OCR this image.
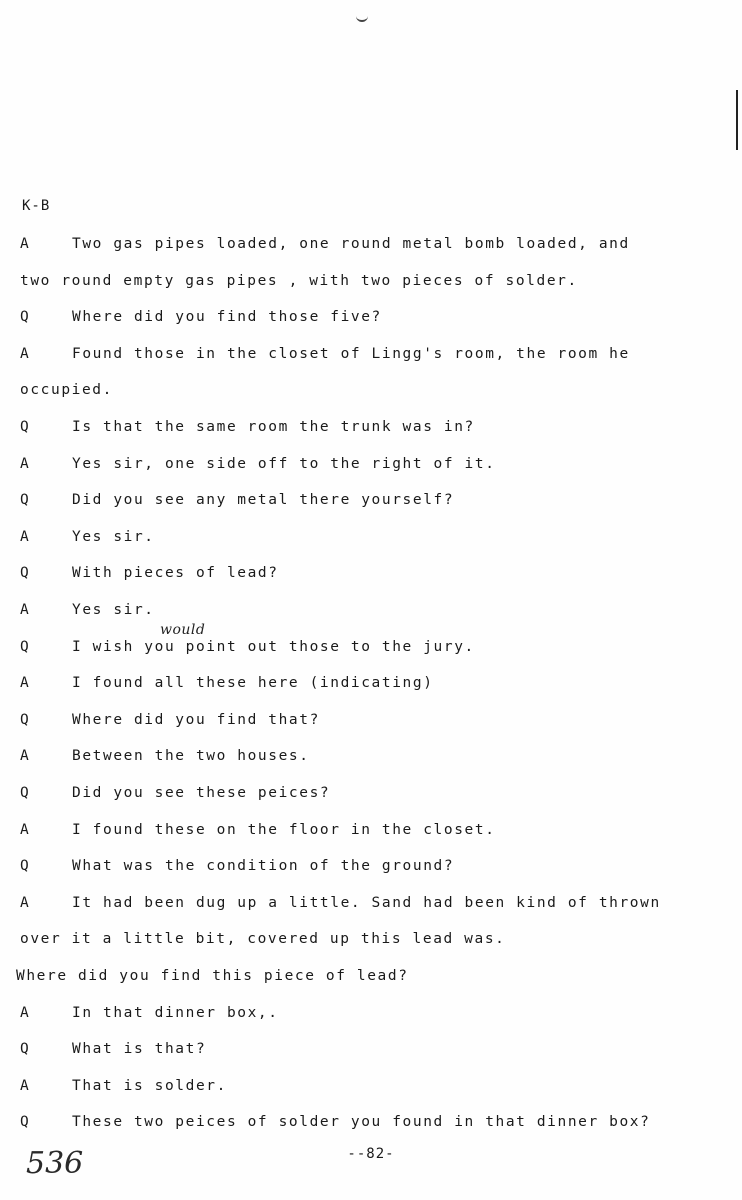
K-B
A	Two gas pipes loaded, one round metal bomb loaded, and
two round empty gas pipes , with two pieces of solder.
Q	Where did you find those five?
A	Found those in the closet of Lingg's room, the room he
occupied.
Q	Is that the same room the trunk was in?
A	Yes sir, one side off to the right of it.
Q	Did you see any metal there yourself?
A	Yes sir.
Q	With pieces of lead?
A	Yes sir.
Q	I wish you point out those to the jury.
A	I found all these here (indicating)
Q	Where did you find that?
A	Between the two houses.
Q	Did you see these peices?
A	I found these on the floor in the closet.
Q	What was the condition of the ground?
A	It had been dug up a little. Sand had been kind of thrown
over it a little bit, covered up this lead was.
Where did you find this piece of lead?
A	In that dinner box,.
Q	What is that?
A	That is solder.
Q	These two peices of solder you found in that dinner box?
would
--82-
536
